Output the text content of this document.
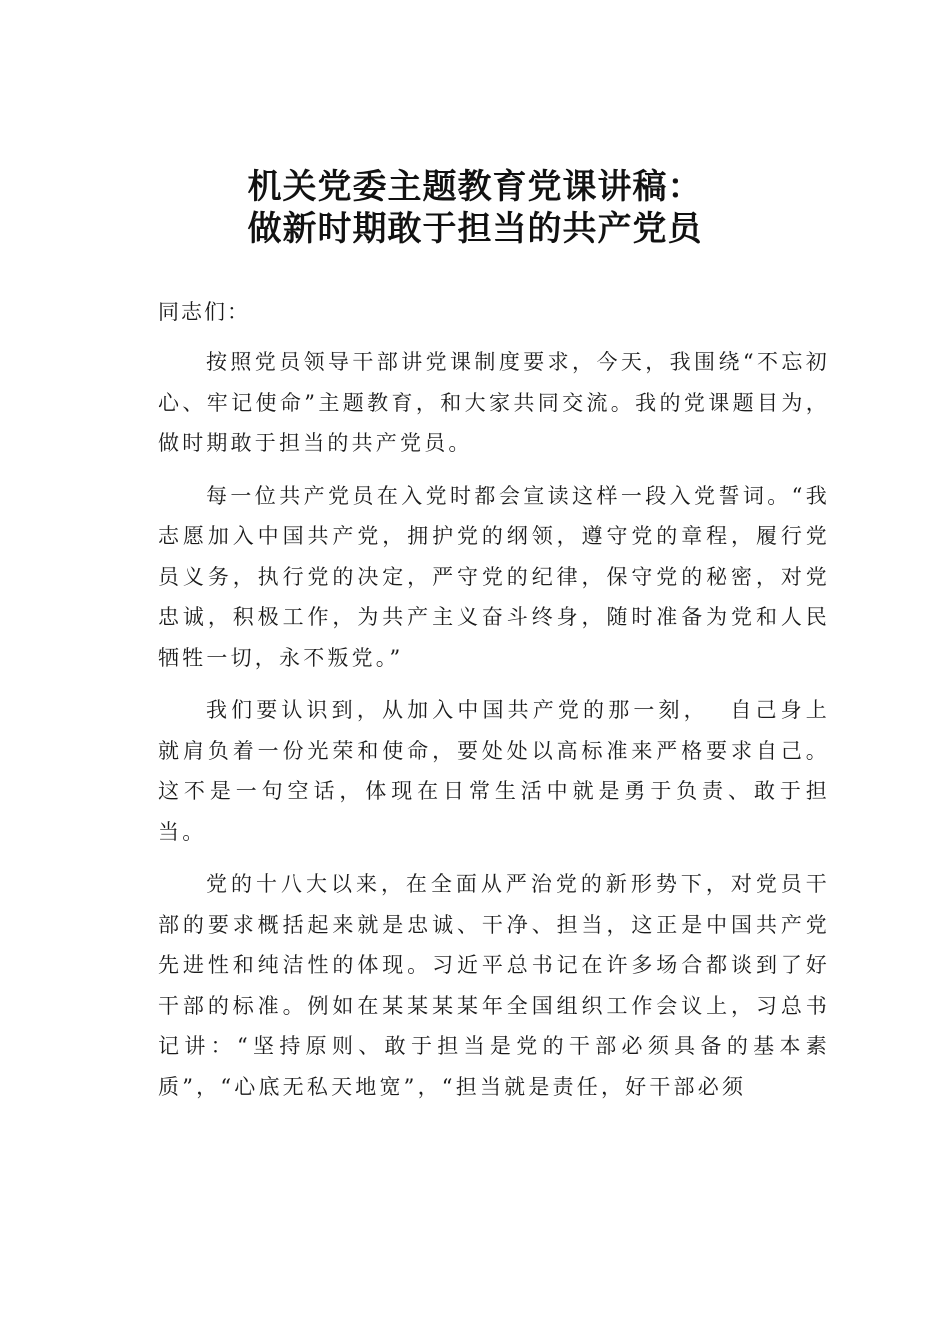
机关党委主题教育党课讲稿：
做新时期敢于担当的共产党员

同志们：

按照党员领导干部讲党课制度要求，今天，我围绕“不忘初心、牢记使命”主题教育，和大家共同交流。我的党课题目为，做时期敢于担当的共产党员。

每一位共产党员在入党时都会宣读这样一段入党誓词。“我志愿加入中国共产党，拥护党的纲领，遵守党的章程，履行党员义务，执行党的决定，严守党的纪律，保守党的秘密，对党忠诚，积极工作，为共产主义奋斗终身，随时准备为党和人民牺牲一切，永不叛党。”

我们要认识到，从加入中国共产党的那一刻，  自己身上就肩负着一份光荣和使命，要处处以高标准来严格要求自己。这不是一句空话，体现在日常生活中就是勇于负责、敢于担当。

党的十八大以来，在全面从严治党的新形势下，对党员干部的要求概括起来就是忠诚、干净、担当，这正是中国共产党先进性和纯洁性的体现。习近平总书记在许多场合都谈到了好干部的标准。例如在某某某某年全国组织工作会议上，习总书记讲：“坚持原则、敢于担当是党的干部必须具备的基本素质”，“心底无私天地宽”，“担当就是责任，好干部必须
